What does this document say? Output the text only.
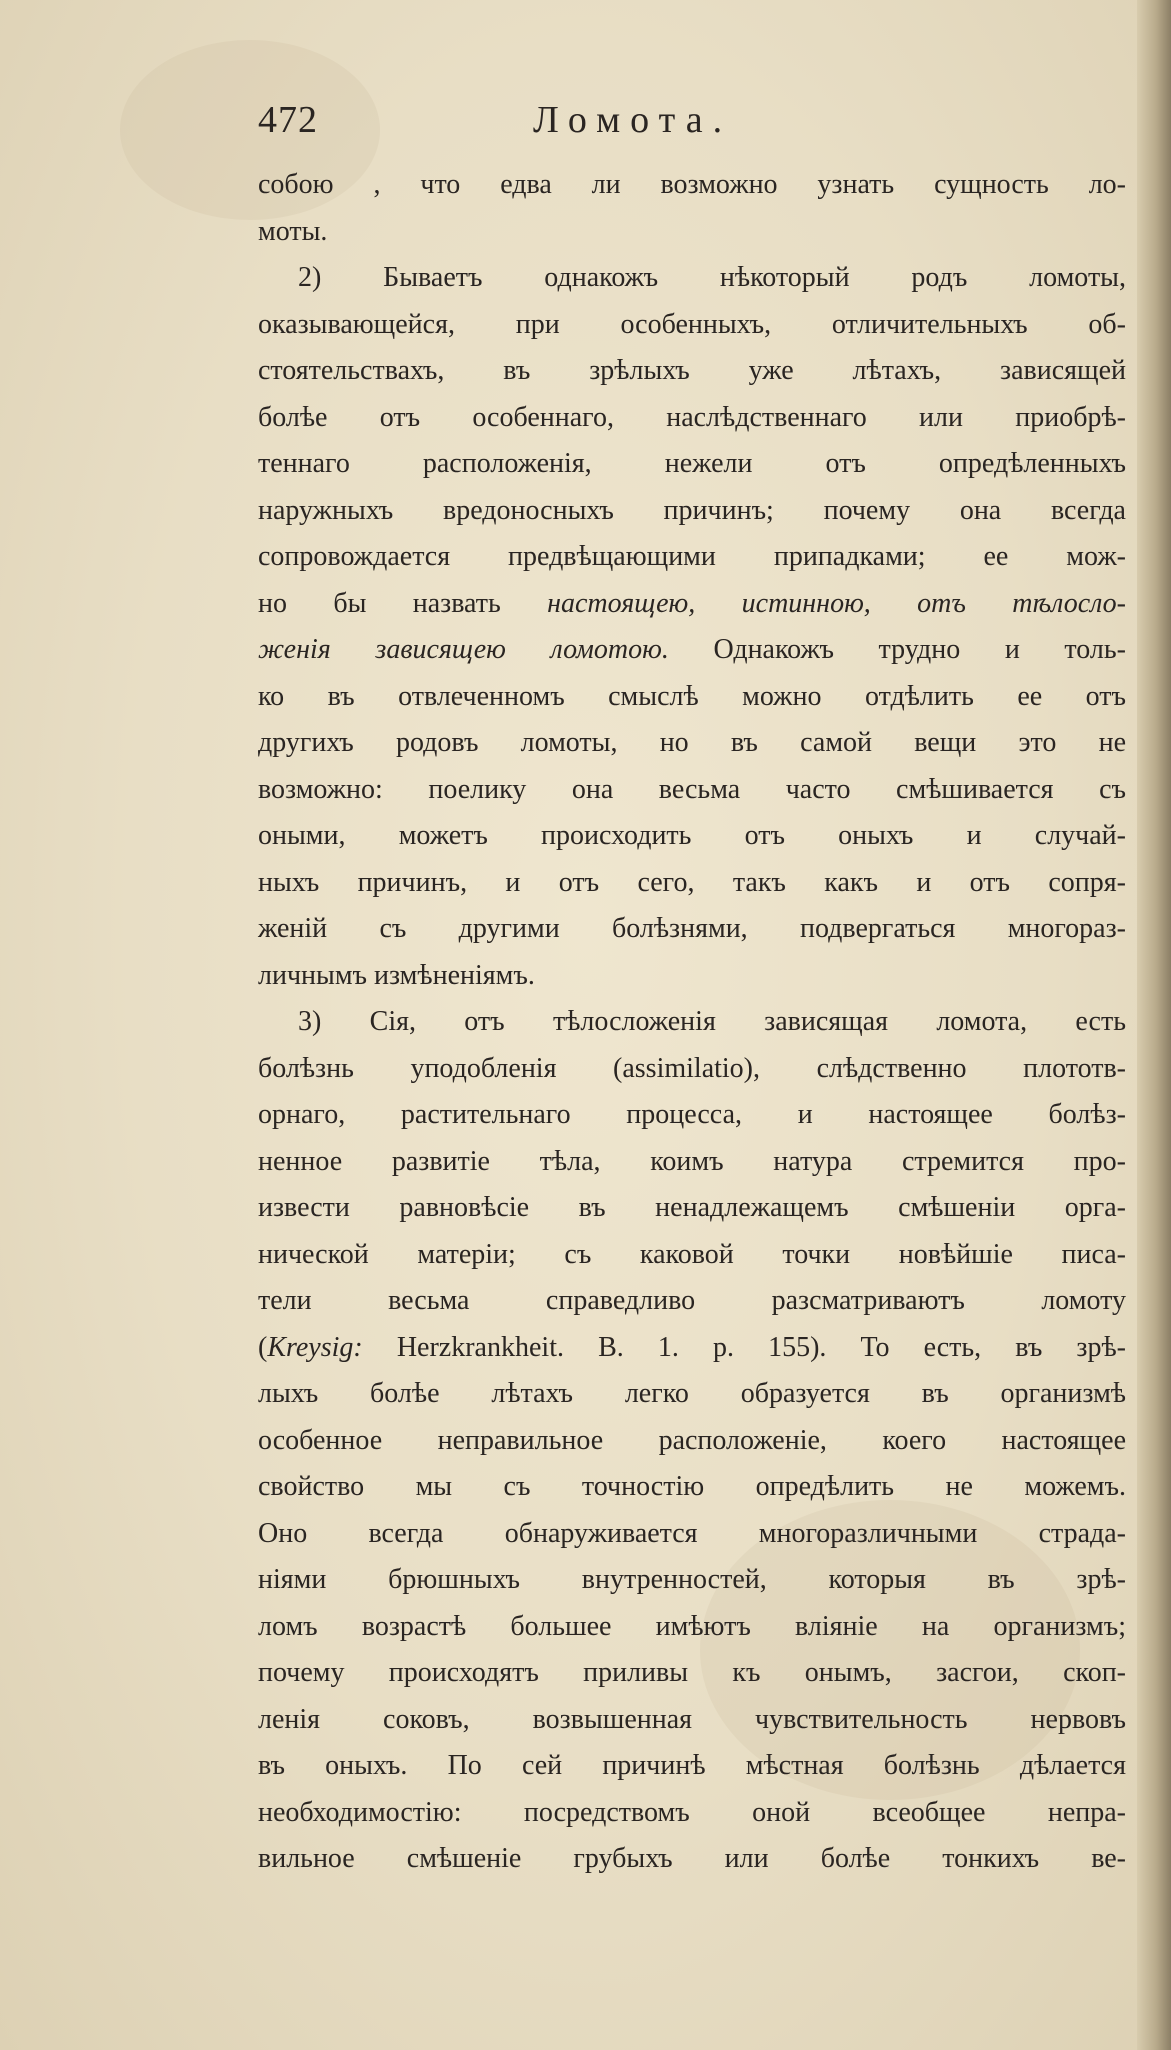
472	Ломота.
собою , что едва ли возможно узнать сущность ло-
моты.
2) Бываетъ однакожъ нѣкоторый родъ ломоты,
оказывающейся, при особенныхъ, отличительныхъ об-
стоятельствахъ, въ зрѣлыхъ уже лѣтахъ, зависящей
болѣе отъ особеннаго, наслѣдственнаго или приобрѣ-
теннаго расположенія, нежели отъ опредѣленныхъ
наружныхъ вредоносныхъ причинъ; почему она всегда
сопровождается предвѣщающими припадками; ее мож-
но бы назвать настоящею, истинною, отъ тѣлосло-
женія зависящею ломотою. Однакожъ трудно и толь-
ко въ отвлеченномъ смыслѣ можно отдѣлить ее отъ
другихъ родовъ ломоты, но въ самой вещи это не
возможно: поелику она весьма часто смѣшивается съ
оными, можетъ происходить отъ оныхъ и случай-
ныхъ причинъ, и отъ сего, такъ какъ и отъ сопря-
женій съ другими болѣзнями, подвергаться многораз-
личнымъ измѣненіямъ.
3) Сія, отъ тѣлосложенія зависящая ломота, есть
болѣзнь уподобленія (assimilatio), слѣдственно плототв-
орнаго, растительнаго процесса, и настоящее болѣз-
ненное развитіе тѣла, коимъ натура стремится про-
извести равновѣсіе въ ненадлежащемъ смѣшеніи орга-
нической матеріи; съ каковой точки новѣйшіе писа-
тели весьма справедливо разсматриваютъ ломоту
(Kreysig: Herzkrankheit. B. 1. p. 155). То есть, въ зрѣ-
лыхъ болѣе лѣтахъ легко образуется въ организмѣ
особенное неправильное расположеніе, коего настоящее
свойство мы съ точностію опредѣлить не можемъ.
Оно всегда обнаруживается многоразличными страда-
ніями брюшныхъ внутренностей, которыя въ зрѣ-
ломъ возрастѣ большее имѣютъ вліяніе на организмъ;
почему происходятъ приливы къ онымъ, засгои, скоп-
ленія соковъ, возвышенная чувствительность нервовъ
въ оныхъ. По сей причинѣ мѣстная болѣзнь дѣлается
необходимостію: посредствомъ оной всеобщее непра-
вильное смѣшеніе грубыхъ или болѣе тонкихъ ве-
